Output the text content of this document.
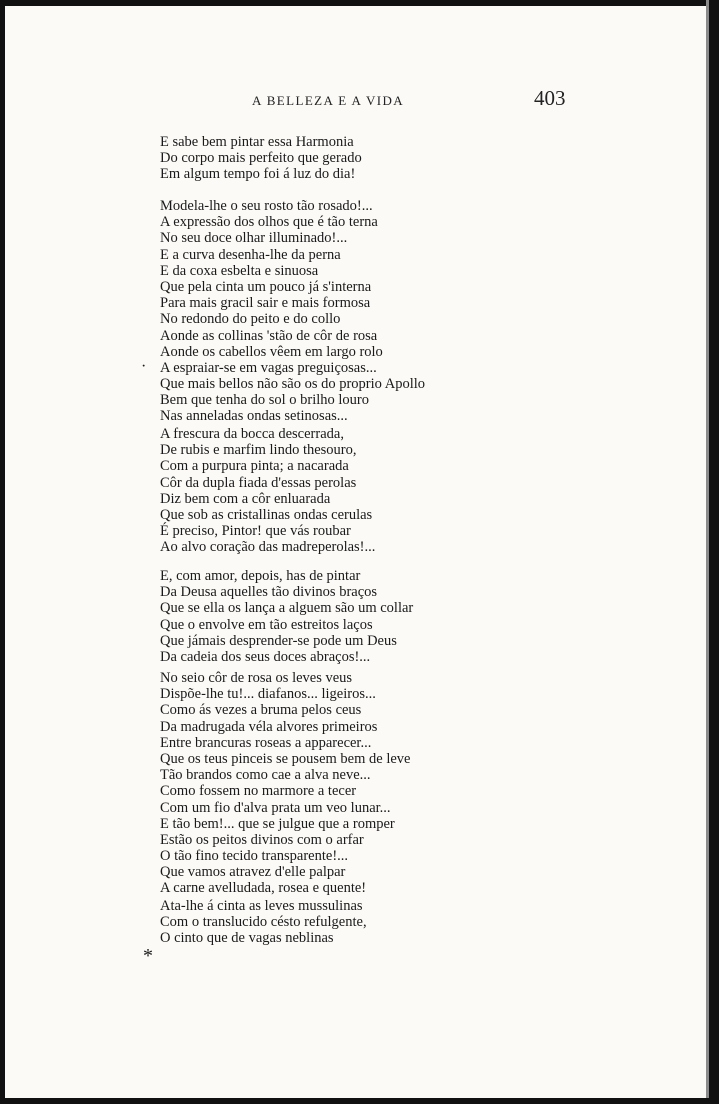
A BELLEZA E A VIDA	403
E sabe bem pintar essa Harmonia
Do corpo mais perfeito que gerado
Em algum tempo foi á luz do dia!
Modela-lhe o seu rosto tão rosado!...
A expressão dos olhos que é tão terna
No seu doce olhar illuminado!...
E a curva desenha-lhe da perna
E da coxa esbelta e sinuosa
Que pela cinta um pouco já s'interna
Para mais gracil sair e mais formosa
No redondo do peito e do collo
Aonde as collinas 'stão de côr de rosa
Aonde os cabellos vêem em largo rolo
A espraiar-se em vagas preguiçosas...
Que mais bellos não são os do proprio Apollo
Bem que tenha do sol o brilho louro
Nas anneladas ondas setinosas...
A frescura da bocca descerrada,
De rubis e marfim lindo thesouro,
Com a purpura pinta; a nacarada
Côr da dupla fiada d'essas perolas
Diz bem com a côr enluarada
Que sob as cristallinas ondas cerulas
É preciso, Pintor! que vás roubar
Ao alvo coração das madreperolas!...
E, com amor, depois, has de pintar
Da Deusa aquelles tão divinos braços
Que se ella os lança a alguem são um collar
Que o envolve em tão estreitos laços
Que jámais desprender-se pode um Deus
Da cadeia dos seus doces abraços!...
No seio côr de rosa os leves veus
Dispõe-lhe tu!... diafanos... ligeiros...
Como ás vezes a bruma pelos ceus
Da madrugada véla alvores primeiros
Entre brancuras roseas a apparecer...
Que os teus pinceis se pousem bem de leve
Tão brandos como cae a alva neve...
Como fossem no marmore a tecer
Com um fio d'alva prata um veo lunar...
E tão bem!... que se julgue que a romper
Estão os peitos divinos com o arfar
O tão fino tecido transparente!...
Que vamos atravez d'elle palpar
A carne avelludada, rosea e quente!
Ata-lhe á cinta as leves mussulinas
Com o translucido césto refulgente,
O cinto que de vagas neblinas
·
*
